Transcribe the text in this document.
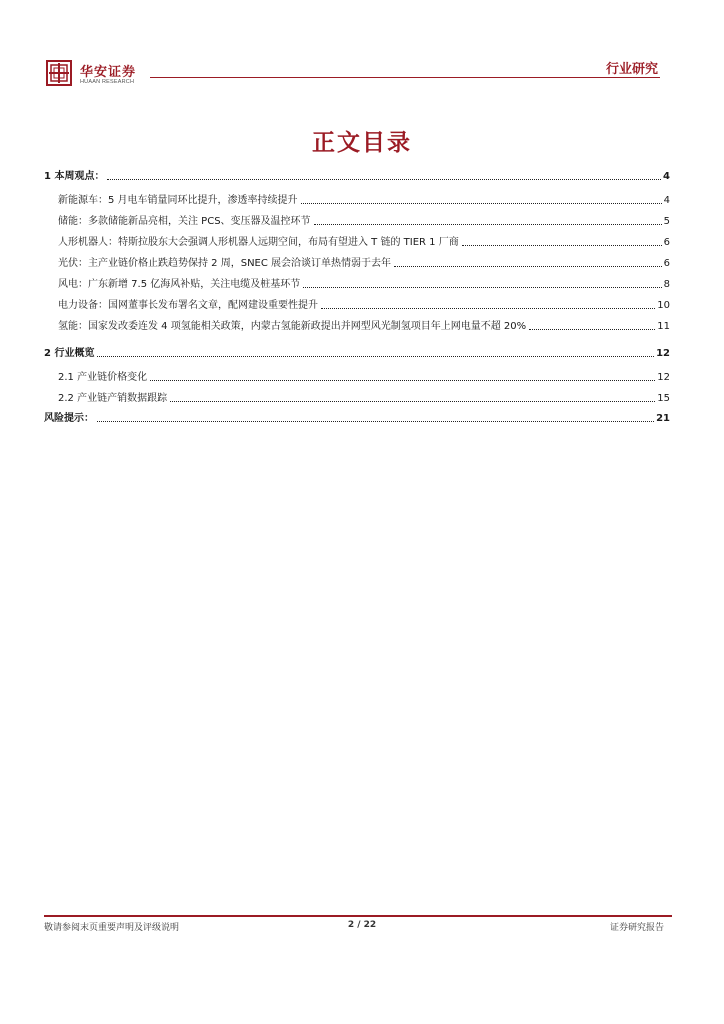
华安证券
HUAAN RESEARCH
行业研究
正文目录
1 本周观点：	4
新能源车：5 月电车销量同环比提升，渗透率持续提升	4
储能：多款储能新品亮相，关注 PCS、变压器及温控环节	5
人形机器人：特斯拉股东大会强调人形机器人远期空间，布局有望进入 T 链的 TIER 1 厂商	6
光伏：主产业链价格止跌趋势保持 2 周，SNEC 展会洽谈订单热情弱于去年	6
风电：广东新增 7.5 亿海风补贴，关注电缆及桩基环节	8
电力设备：国网董事长发布署名文章，配网建设重要性提升	10
氢能：国家发改委连发 4 项氢能相关政策，内蒙古氢能新政提出并网型风光制氢项目年上网电量不超 20%	11
2 行业概览	12
2.1 产业链价格变化	12
2.2 产业链产销数据跟踪	15
风险提示：	21
敬请参阅末页重要声明及评级说明	2 / 22	证券研究报告
